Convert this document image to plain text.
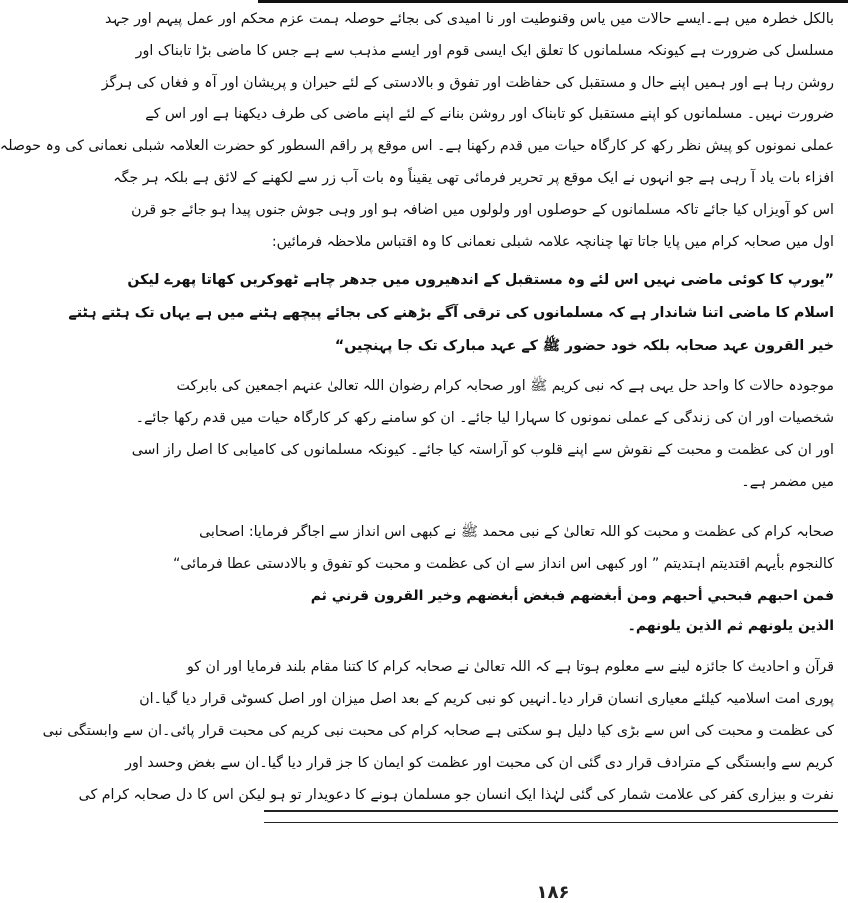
بالکل خطرہ میں ہے۔ایسے حالات میں یاس وقنوطیت اور نا امیدی کی بجائے حوصلہ ہمت عزم محکم اور عمل پیہم اور جہد
مسلسل کی ضرورت ہے کیونکہ مسلمانوں کا تعلق ایک ایسی قوم اور ایسے مذہب سے ہے جس کا ماضی بڑا تابناک اور
روشن رہا ہے اور ہمیں اپنے حال و مستقبل کی حفاظت اور تفوق و بالادستی کے لئے حیران و پریشان اور آہ و فغاں کی ہرگز
ضرورت نہیں۔ مسلمانوں کو اپنے مستقبل کو تابناک اور روشن بنانے کے لئے اپنے ماضی کی طرف دیکھنا ہے اور اس کے
عملی نمونوں کو پیش نظر رکھ کر کارگاہ حیات میں قدم رکھنا ہے۔ اس موقع پر راقم السطور کو حضرت العلامہ شبلی نعمانی کی وہ حوصلہ
افزاء بات یاد آ رہی ہے جو انہوں نے ایک موقع پر تحریر فرمائی تھی یقیناً وہ بات آب زر سے لکھنے کے لائق ہے بلکہ ہر جگہ
اس کو آویزاں کیا جائے تاکہ مسلمانوں کے حوصلوں اور ولولوں میں اضافہ ہو اور وہی جوش جنوں پیدا ہو جائے جو قرن
اول میں صحابہ کرام میں پایا جاتا تھا چنانچہ علامہ شبلی نعمانی کا وہ اقتباس ملاحظہ فرمائیں:
”یورپ کا کوئی ماضی نہیں اس لئے وہ مستقبل کے اندھیروں میں جدھر چاہے ٹھوکریں کھاتا پھرے لیکن
اسلام کا ماضی اتنا شاندار ہے کہ مسلمانوں کی ترقی آگے بڑھنے کی بجائے پیچھے ہٹنے میں ہے یہاں تک ہٹتے ہٹتے
خیر القرون عہد صحابہ بلکہ خود حضور ﷺ کے عہد مبارک تک جا پہنچیں“
موجودہ حالات کا واحد حل یہی ہے کہ نبی کریم ﷺ اور صحابہ کرام رضوان اللہ تعالیٰ عنہم اجمعین کی بابرکت
شخصیات اور ان کی زندگی کے عملی نمونوں کا سہارا لیا جائے۔ ان کو سامنے رکھ کر کارگاہ حیات میں قدم رکھا جائے۔
اور ان کی عظمت و محبت کے نقوش سے اپنے قلوب کو آراستہ کیا جائے۔ کیونکہ مسلمانوں کی کامیابی کا اصل راز اسی
میں مضمر ہے۔
صحابہ کرام کی عظمت و محبت کو اللہ تعالیٰ کے نبی محمد ﷺ نے کبھی اس انداز سے اجاگر فرمایا: اصحابی
کالنجوم بأیہم اقتدیتم اہتدیتم ” اور کبھی اس انداز سے ان کی عظمت و محبت کو تفوق و بالادستی عطا فرمائی“
فمن احبهم فبحبي أحبهم ومن أبغضهم فبغض أبغضهم وخير القرون قرني ثم
الذين يلونهم ثم الذين يلونهم۔
قرآن و احادیث کا جائزہ لینے سے معلوم ہوتا ہے کہ اللہ تعالیٰ نے صحابہ کرام کا کتنا مقام بلند فرمایا اور ان کو
پوری امت اسلامیہ کیلئے معیاری انسان قرار دیا۔انہیں کو نبی کریم کے بعد اصل میزان اور اصل کسوٹی قرار دیا گیا۔ان
کی عظمت و محبت کی اس سے بڑی کیا دلیل ہو سکتی ہے صحابہ کرام کی محبت نبی کریم کی محبت قرار پائی۔ان سے وابستگی نبی
کریم سے وابستگی کے مترادف قرار دی گئی ان کی محبت اور عظمت کو ایمان کا جز قرار دیا گیا۔ان سے بغض وحسد اور
نفرت و بیزاری کفر کی علامت شمار کی گئی لہٰذا ایک انسان جو مسلمان ہونے کا دعویدار تو ہو لیکن اس کا دل صحابہ کرام کی
۱۸۶
